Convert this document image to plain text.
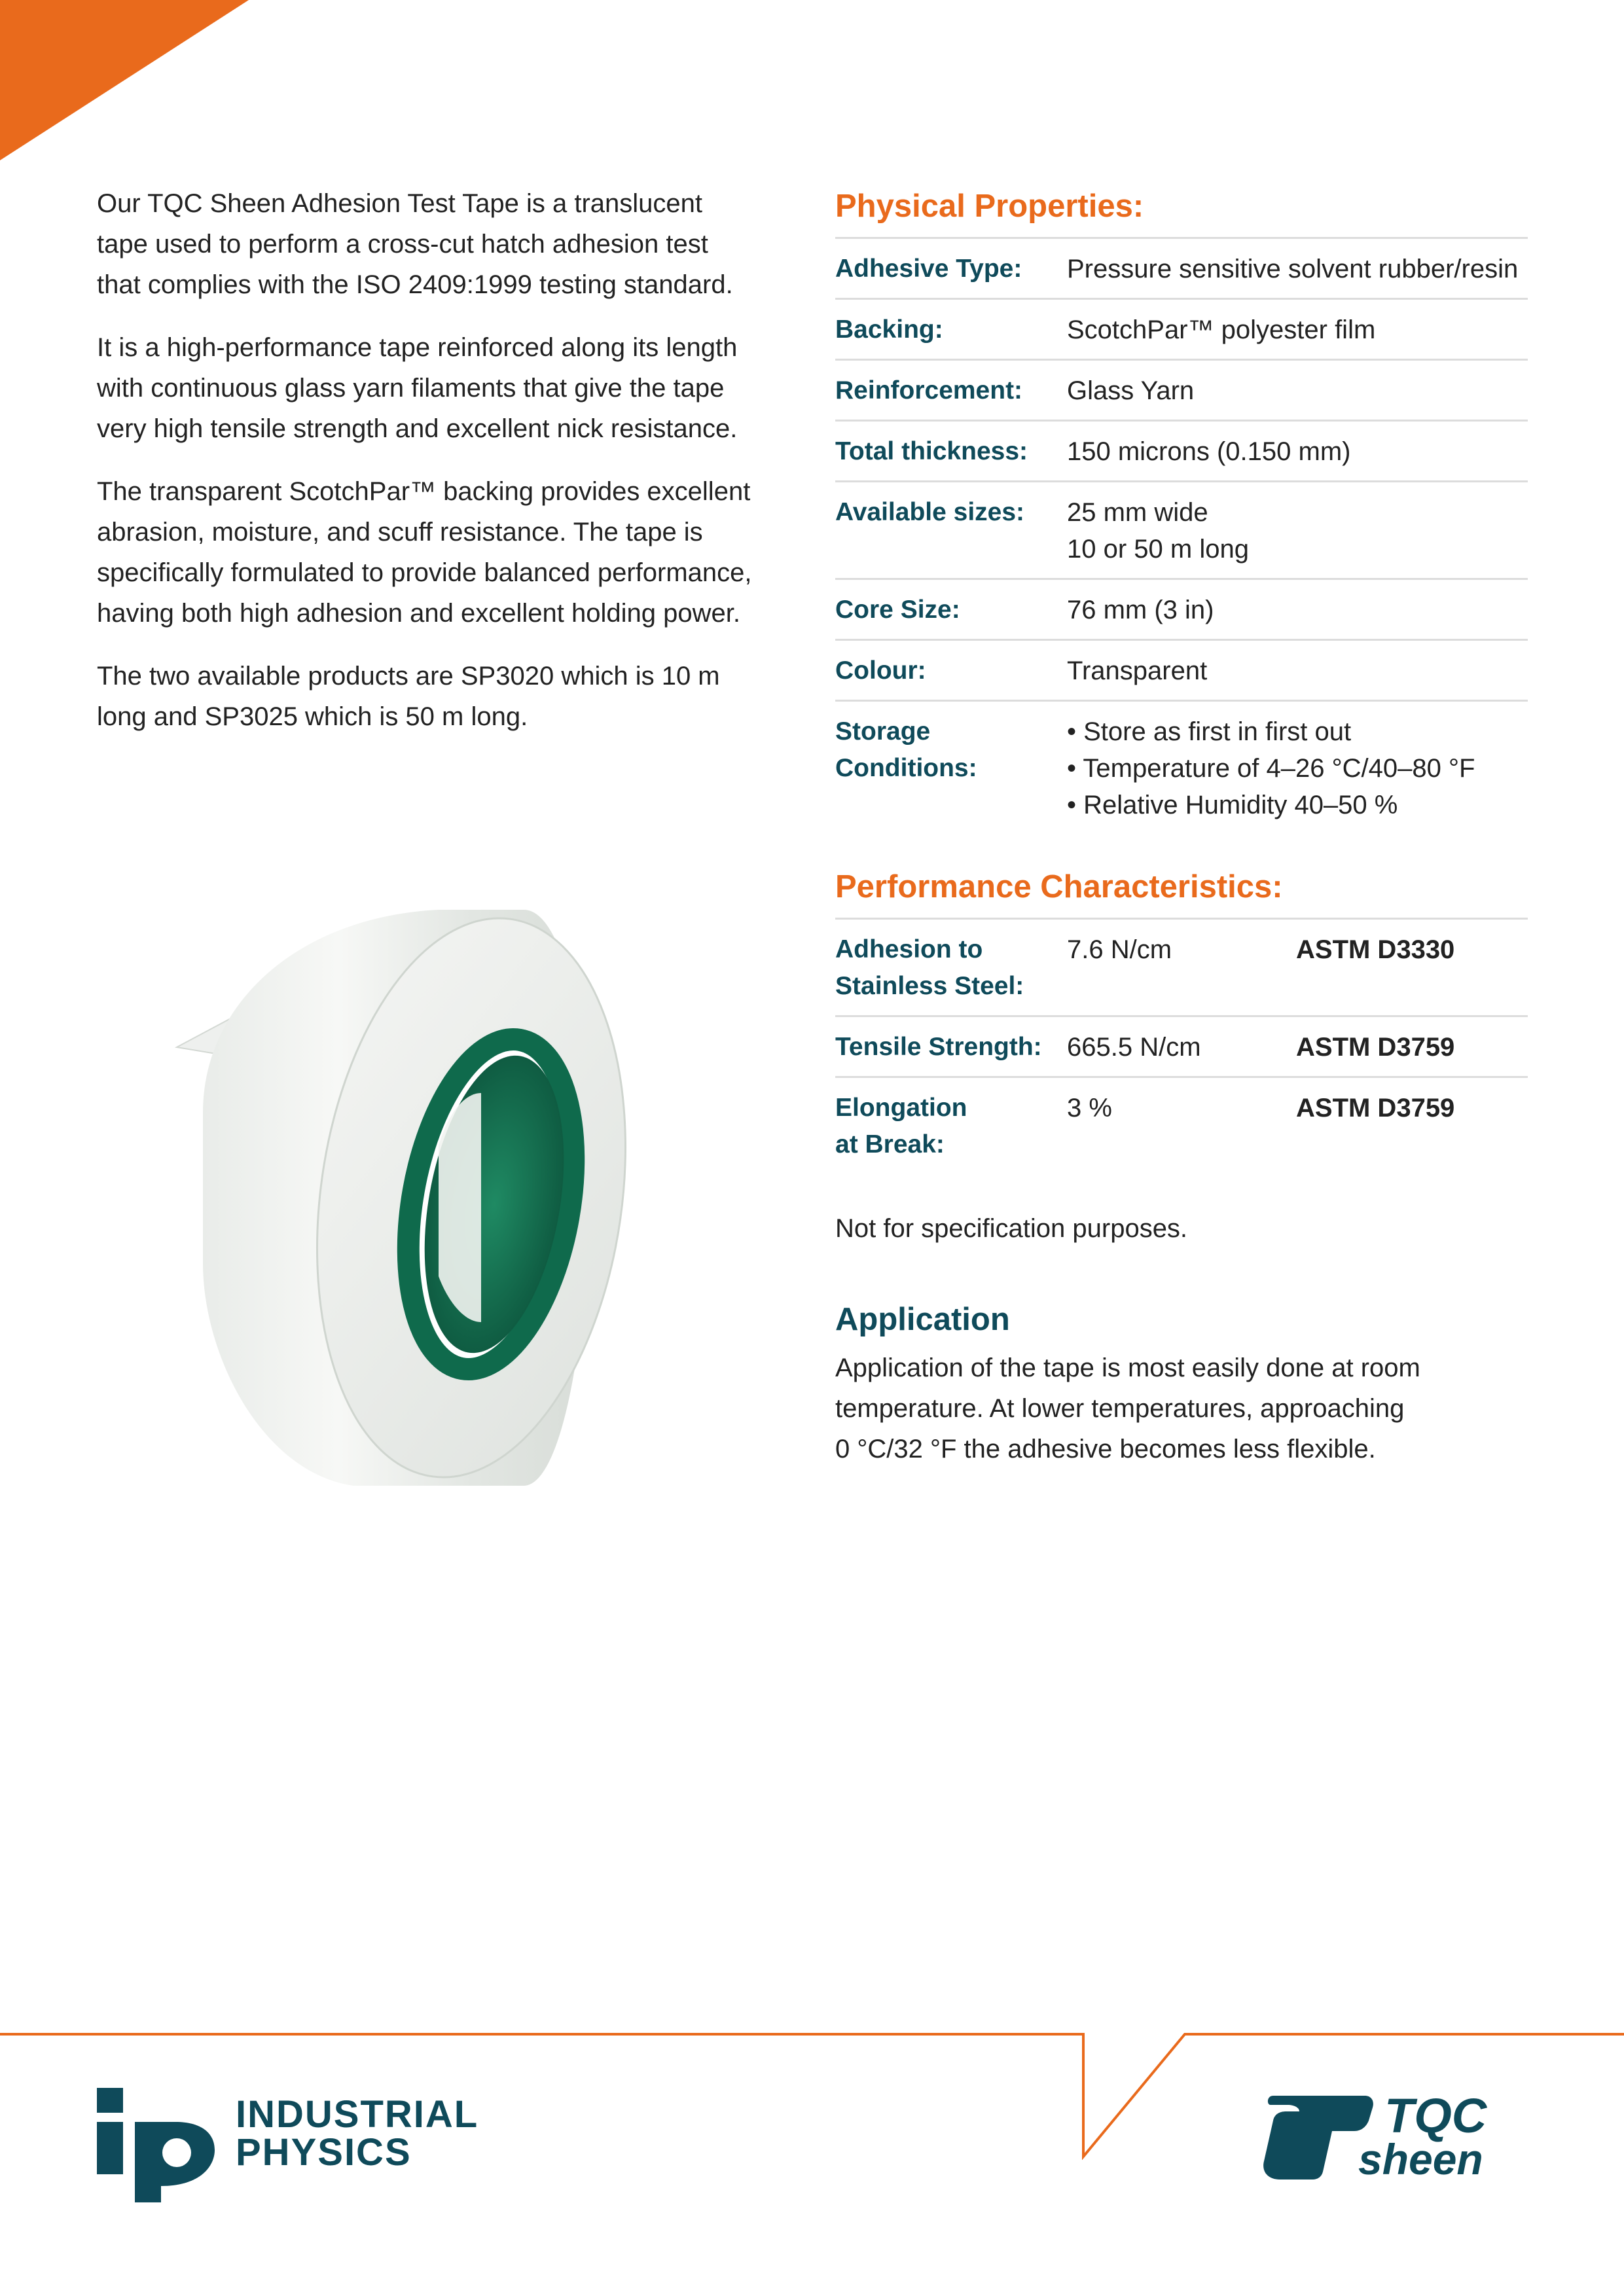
Our TQC Sheen Adhesion Test Tape is a translucent
tape used to perform a cross-cut hatch adhesion test
that complies with the ISO 2409:1999 testing standard.

It is a high-performance tape reinforced along its length
with continuous glass yarn filaments that give the tape
very high tensile strength and excellent nick resistance.

The transparent ScotchPar™ backing provides excellent
abrasion, moisture, and scuff resistance. The tape is
specifically formulated to provide balanced performance,
having both high adhesion and excellent holding power.

The two available products are SP3020 which is 10 m
long and SP3025 which is 50 m long.

Physical Properties:
Adhesive Type:	Pressure sensitive solvent rubber/resin
Backing:	ScotchPar™ polyester film
Reinforcement:	Glass Yarn
Total thickness:	150 microns (0.150 mm)
Available sizes:	25 mm wide
10 or 50 m long
Core Size:	76 mm (3 in)
Colour:	Transparent
Storage
Conditions:
• Store as first in first out
• Temperature of 4–26 °C/40–80 °F
• Relative Humidity 40–50 %
Performance Characteristics:
Adhesion to
Stainless Steel:
7.6 N/cm	ASTM D3330
Tensile Strength: 665.5 N/cm	ASTM D3759
Elongation
at Break:
3 %	ASTM D3759
Not for specification purposes.
Application
Application of the tape is most easily done at room
temperature. At lower temperatures, approaching
0 °C/32 °F the adhesive becomes less flexible.
INDUSTRIAL
PHYSICS
TQC
sheen
